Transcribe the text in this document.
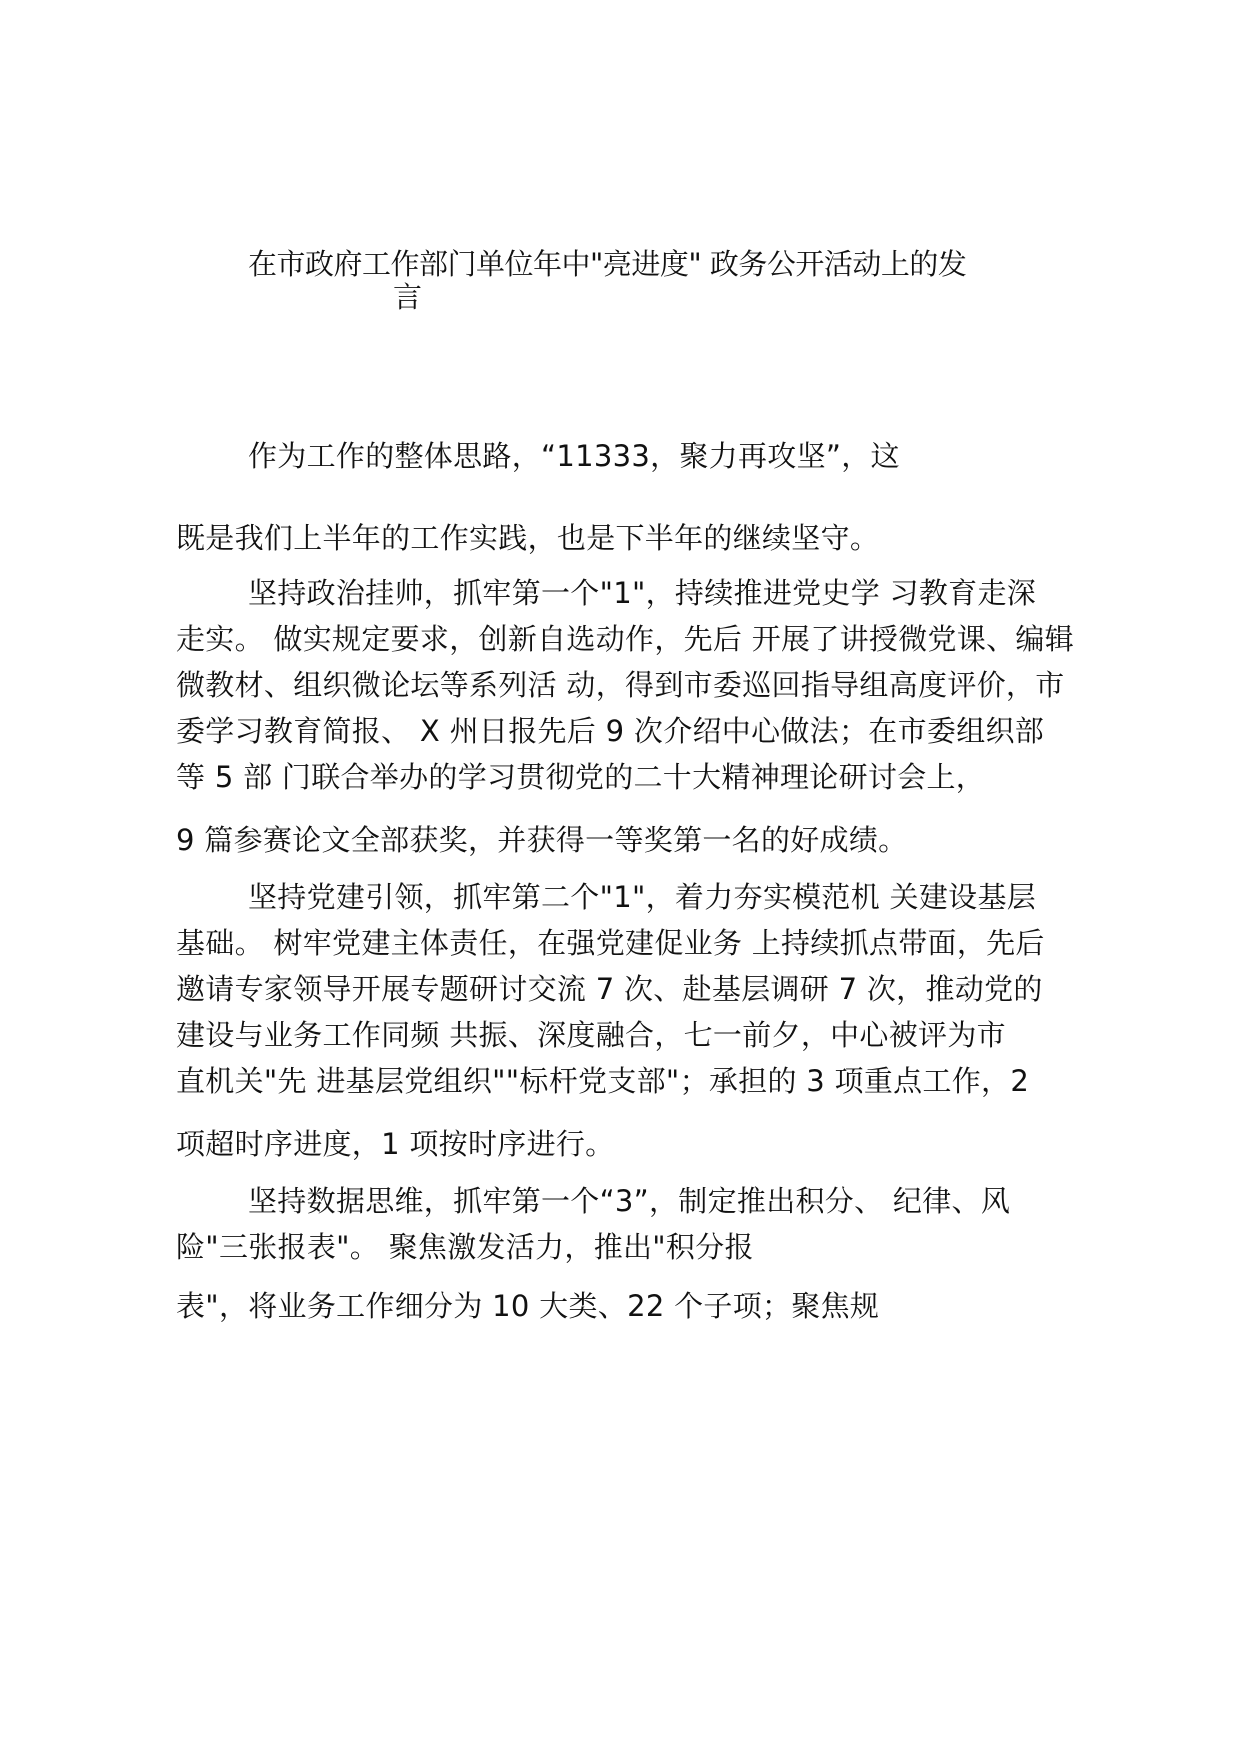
在市政府工作部门单位年中"亮进度" 政务公开活动上的发
言
作为工作的整体思路，“11333，聚力再攻坚”，这
既是我们上半年的工作实践，也是下半年的继续坚守。
坚持政治挂帅，抓牢第一个"1"，持续推进党史学 习教育走深
走实。 做实规定要求，创新自选动作，先后 开展了讲授微党课、编辑
微教材、组织微论坛等系列活 动，得到市委巡回指导组高度评价，市
委学习教育简报、 X 州日报先后 9 次介绍中心做法；在市委组织部
等 5 部 门联合举办的学习贯彻党的二十大精神理论研讨会上，
9 篇参赛论文全部获奖，并获得一等奖第一名的好成绩。
坚持党建引领，抓牢第二个"1"，着力夯实模范机 关建设基层
基础。 树牢党建主体责任，在强党建促业务 上持续抓点带面，先后
邀请专家领导开展专题研讨交流 7 次、赴基层调研 7 次，推动党的
建设与业务工作同频 共振、深度融合，七一前夕，中心被评为市
直机关"先 进基层党组织""标杆党支部"；承担的 3 项重点工作，2
项超时序进度，1 项按时序进行。
坚持数据思维，抓牢第一个“3”，制定推出积分、 纪律、风
险"三张报表"。 聚焦激发活力，推出"积分报
表"，将业务工作细分为 10 大类、22 个子项；聚焦规
